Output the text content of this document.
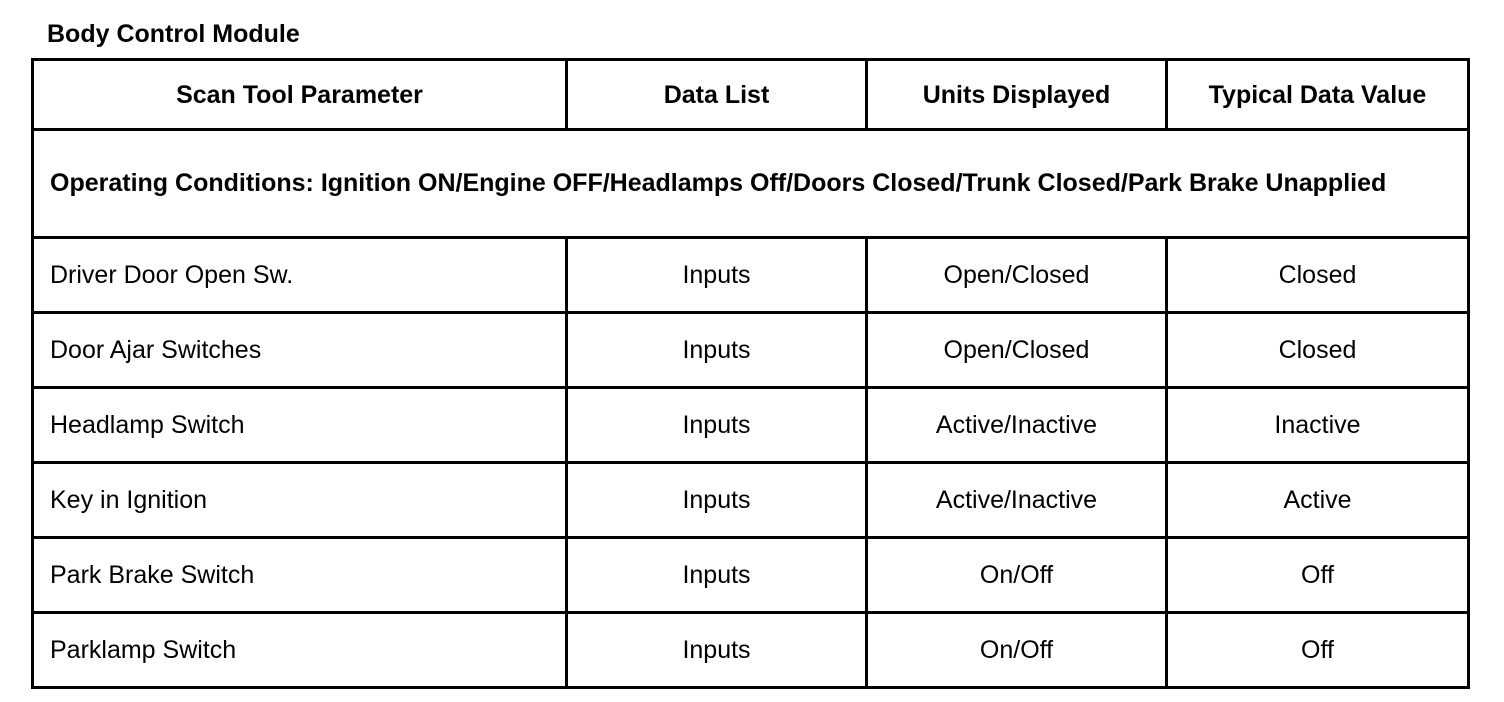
Body Control Module
Scan Tool Parameter	Data List	Units Displayed	Typical Data Value
Operating Conditions: Ignition ON/Engine OFF/Headlamps Off/Doors Closed/Trunk Closed/Park Brake Unapplied			
Driver Door Open Sw.	Inputs	Open/Closed	Closed
Door Ajar Switches	Inputs	Open/Closed	Closed
Headlamp Switch	Inputs	Active/Inactive	Inactive
Key in Ignition	Inputs	Active/Inactive	Active
Park Brake Switch	Inputs	On/Off	Off
Parklamp Switch	Inputs	On/Off	Off
